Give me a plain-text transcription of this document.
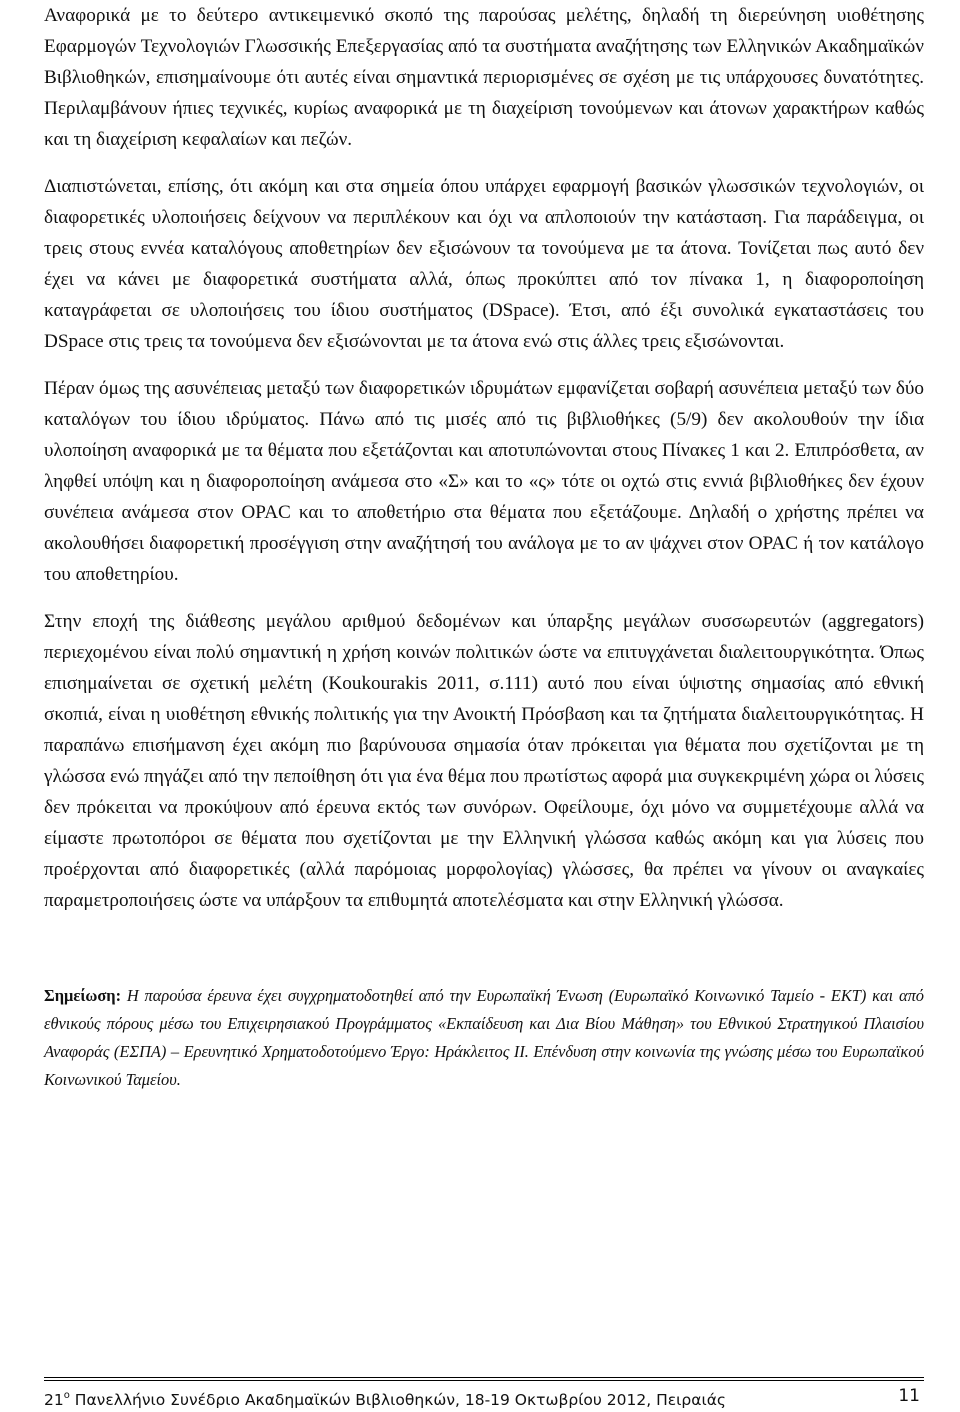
Αναφορικά με το δεύτερο αντικειμενικό σκοπό της παρούσας μελέτης, δηλαδή τη διερεύνηση υιοθέτησης Εφαρμογών Τεχνολογιών Γλωσσικής Επεξεργασίας από τα συστήματα αναζήτησης των Ελληνικών Ακαδημαϊκών Βιβλιοθηκών, επισημαίνουμε ότι αυτές είναι σημαντικά περιορισμένες σε σχέση με τις υπάρχουσες δυνατότητες. Περιλαμβάνουν ήπιες τεχνικές, κυρίως αναφορικά με τη διαχείριση τονούμενων και άτονων χαρακτήρων καθώς και τη διαχείριση κεφαλαίων και πεζών.

Διαπιστώνεται, επίσης, ότι ακόμη και στα σημεία όπου υπάρχει εφαρμογή βασικών γλωσσικών τεχνολογιών, οι διαφορετικές υλοποιήσεις δείχνουν να περιπλέκουν και όχι να απλοποιούν την κατάσταση. Για παράδειγμα, οι τρεις στους εννέα καταλόγους αποθετηρίων δεν εξισώνουν τα τονούμενα με τα άτονα. Τονίζεται πως αυτό δεν έχει να κάνει με διαφορετικά συστήματα αλλά, όπως προκύπτει από τον πίνακα 1, η διαφοροποίηση καταγράφεται σε υλοποιήσεις του ίδιου συστήματος (DSpace). Έτσι, από έξι συνολικά εγκαταστάσεις του DSpace στις τρεις τα τονούμενα δεν εξισώνονται με τα άτονα ενώ στις άλλες τρεις εξισώνονται.

Πέραν όμως της ασυνέπειας μεταξύ των διαφορετικών ιδρυμάτων εμφανίζεται σοβαρή ασυνέπεια μεταξύ των δύο καταλόγων του ίδιου ιδρύματος. Πάνω από τις μισές από τις βιβλιοθήκες (5/9) δεν ακολουθούν την ίδια υλοποίηση αναφορικά με τα θέματα που εξετάζονται και αποτυπώνονται στους Πίνακες 1 και 2. Επιπρόσθετα, αν ληφθεί υπόψη και η διαφοροποίηση ανάμεσα στο «Σ» και το «ς» τότε οι οχτώ στις εννιά βιβλιοθήκες δεν έχουν συνέπεια ανάμεσα στον OPAC και το αποθετήριο στα θέματα που εξετάζουμε. Δηλαδή ο χρήστης πρέπει να ακολουθήσει διαφορετική προσέγγιση στην αναζήτησή του ανάλογα με το αν ψάχνει στον OPAC ή τον κατάλογο του αποθετηρίου.

Στην εποχή της διάθεσης μεγάλου αριθμού δεδομένων και ύπαρξης μεγάλων συσσωρευτών (aggregators) περιεχομένου είναι πολύ σημαντική η χρήση κοινών πολιτικών ώστε να επιτυγχάνεται διαλειτουργικότητα. Όπως επισημαίνεται σε σχετική μελέτη (Koukourakis 2011, σ.111) αυτό που είναι ύψιστης σημασίας από εθνική σκοπιά, είναι η υιοθέτηση εθνικής πολιτικής για την Ανοικτή Πρόσβαση και τα ζητήματα διαλειτουργικότητας. Η παραπάνω επισήμανση έχει ακόμη πιο βαρύνουσα σημασία όταν πρόκειται για θέματα που σχετίζονται με τη γλώσσα ενώ πηγάζει από την πεποίθηση ότι για ένα θέμα που πρωτίστως αφορά μια συγκεκριμένη χώρα οι λύσεις δεν πρόκειται να προκύψουν από έρευνα εκτός των συνόρων. Οφείλουμε, όχι μόνο να συμμετέχουμε αλλά να είμαστε πρωτοπόροι σε θέματα που σχετίζονται με την Ελληνική γλώσσα καθώς ακόμη και για λύσεις που προέρχονται από διαφορετικές (αλλά παρόμοιας μορφολογίας) γλώσσες, θα πρέπει να γίνουν οι αναγκαίες παραμετροποιήσεις ώστε να υπάρξουν τα επιθυμητά αποτελέσματα και στην Ελληνική γλώσσα.

Σημείωση: Η παρούσα έρευνα έχει συγχρηματοδοτηθεί από την Ευρωπαϊκή Ένωση (Ευρωπαϊκό Κοινωνικό Ταμείο - ΕΚΤ) και από εθνικούς πόρους μέσω του Επιχειρησιακού Προγράμματος «Εκπαίδευση και Δια Βίου Μάθηση» του Εθνικού Στρατηγικού Πλαισίου Αναφοράς (ΕΣΠΑ) – Ερευνητικό Χρηματοδοτούμενο Έργο: Ηράκλειτος ΙΙ. Επένδυση στην κοινωνία της γνώσης μέσω του Ευρωπαϊκού Κοινωνικού Ταμείου.

$21^o$ Πανελλήνιο Συνέδριο Ακαδημαϊκών Βιβλιοθηκών, 18-19 Οκτωβρίου 2012, Πειραιάς	11
